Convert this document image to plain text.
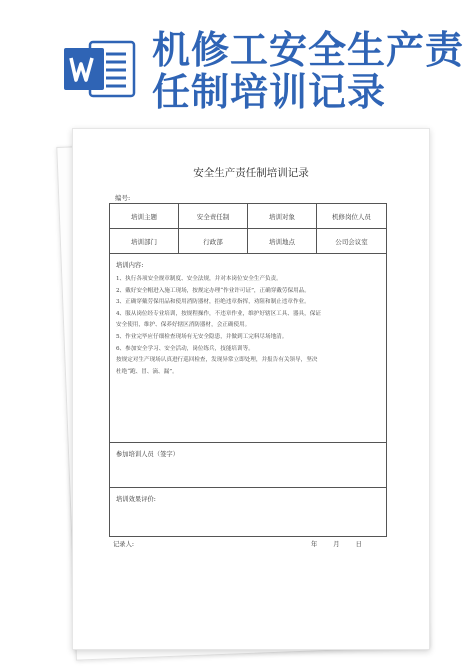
机修工安全生产责
任制培训记录
安全生产责任制培训记录
编号:
培训主题	安全责任制	培训对象	机修岗位人员
培训部门	行政部	培训地点	公司会议室
培训内容:
1、执行各项安全规章制度、安全法规，并对本岗位安全生产负责。
2、戴好安全帽进入施工现场，按规定办理“作业许可证”，正确穿戴劳保用品。
3、正确穿戴劳保用品和使用消防器材，拒绝违章指挥，劝阻和制止违章作业。
4、服从岗位经专业培训，按规程操作，不违章作业，维护好辖区工具、器具，保证
安全使用，维护、保养好辖区消防器材，会正确使用。
5、作业完毕应仔细检查现场有无安全隐患，并做到工完料尽场地清。
6、参加安全学习、安全活动，岗位练兵，技能培训等。
按规定对生产现场认真进行巡回检查，发现异常立即处理，并报告有关领导，坚决
杜绝“跑、冒、滴、漏”。
参加培训人员（签字）
培训效果评价:
记录人:	年 月 日
